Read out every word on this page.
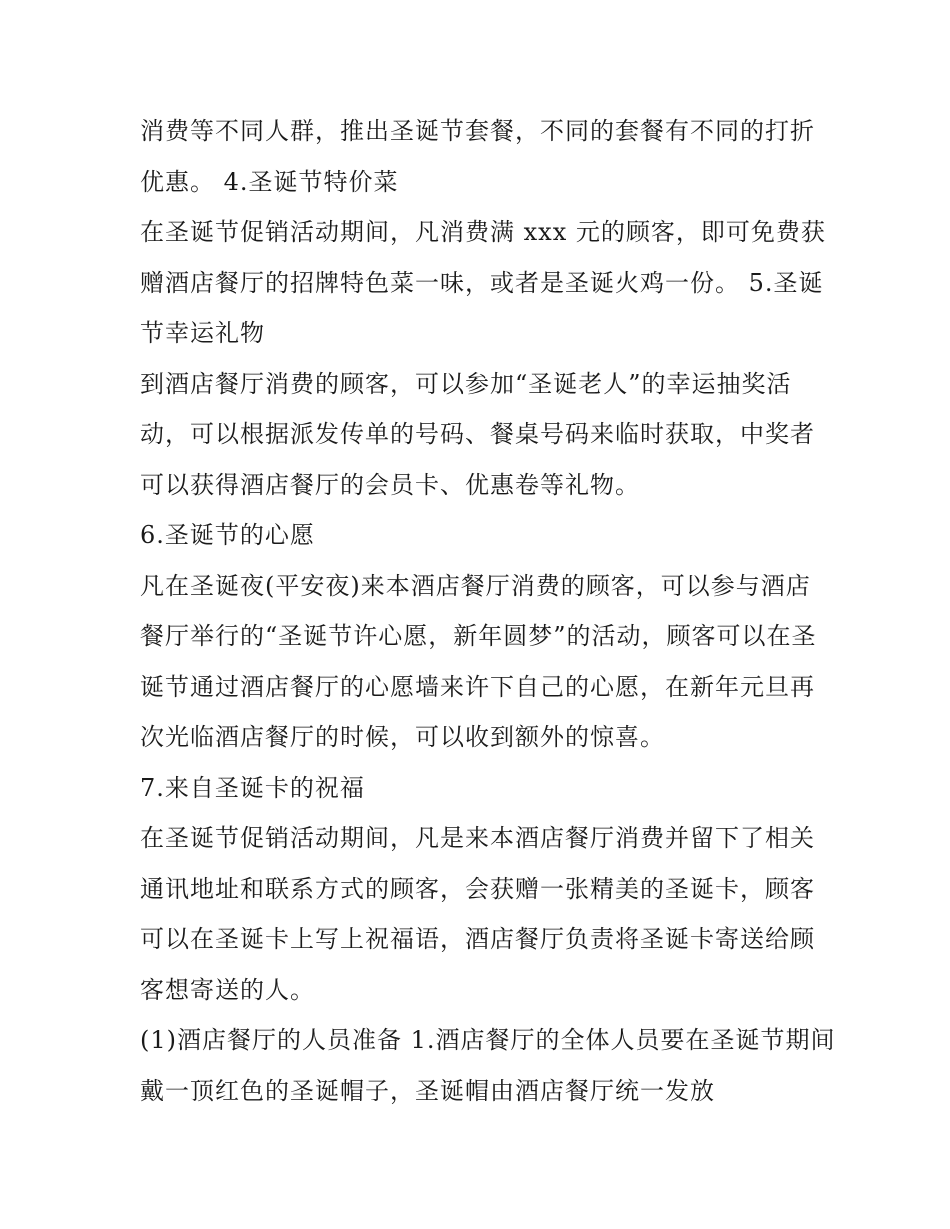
消费等不同人群，推出圣诞节套餐，不同的套餐有不同的打折
优惠。 4.圣诞节特价菜
在圣诞节促销活动期间，凡消费满 xxx 元的顾客，即可免费获
赠酒店餐厅的招牌特色菜一味，或者是圣诞火鸡一份。 5.圣诞
节幸运礼物
到酒店餐厅消费的顾客，可以参加“圣诞老人”的幸运抽奖活
动，可以根据派发传单的号码、餐桌号码来临时获取，中奖者
可以获得酒店餐厅的会员卡、优惠卷等礼物。
6.圣诞节的心愿
凡在圣诞夜(平安夜)来本酒店餐厅消费的顾客，可以参与酒店
餐厅举行的“圣诞节许心愿，新年圆梦”的活动，顾客可以在圣
诞节通过酒店餐厅的心愿墙来许下自己的心愿，在新年元旦再
次光临酒店餐厅的时候，可以收到额外的惊喜。
7.来自圣诞卡的祝福
在圣诞节促销活动期间，凡是来本酒店餐厅消费并留下了相关
通讯地址和联系方式的顾客，会获赠一张精美的圣诞卡，顾客
可以在圣诞卡上写上祝福语，酒店餐厅负责将圣诞卡寄送给顾
客想寄送的人。
(1)酒店餐厅的人员准备 1.酒店餐厅的全体人员要在圣诞节期间
戴一顶红色的圣诞帽子，圣诞帽由酒店餐厅统一发放
